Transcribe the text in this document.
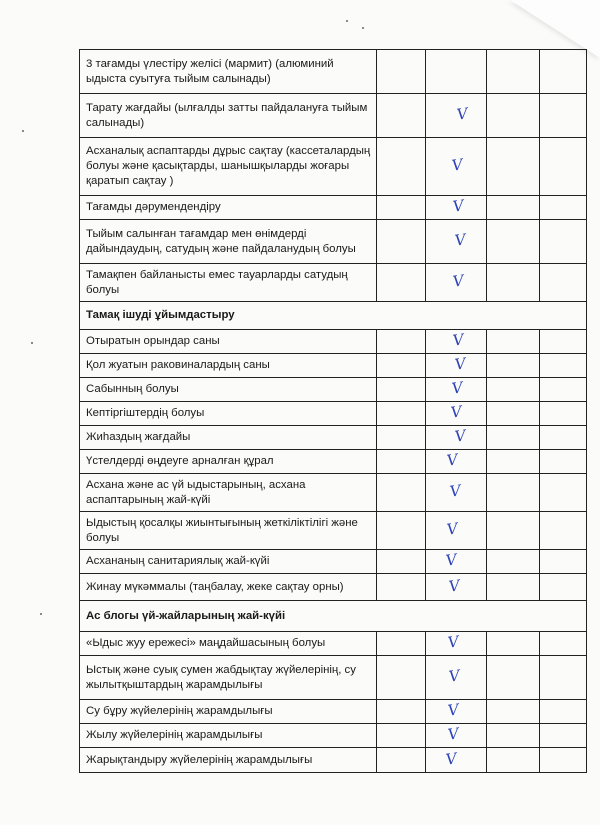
3 тағамды үлестіру желісі (мармит) (алюминий ыдыста суытуға тыйым салынады)				
Тарату жағдайы (ылғалды затты пайдалануға тыйым салынады)		V		
Асханалық аспаптарды дұрыс сақтау (кассеталардың болуы және қасықтарды, шанышқыларды жоғары қаратып сақтау )		V		
Тағамды дәрумендендіру		V		
Тыйым салынған тағамдар мен өнімдерді дайындаудың, сатудың және пайдаланудың болуы		V		
Тамақпен байланысты емес тауарларды сатудың болуы		V		
Тамақ ішуді ұйымдастыру				
Отыратын орындар саны		V		
Қол жуатын раковиналардың саны		V		
Сабынның болуы		V		
Кептіргіштердің болуы		V		
Жиһаздың жағдайы		V		
Үстелдерді өңдеуге арналған құрал		V		
Асхана және ас үй ыдыстарының, асхана аспаптарының жай-күйі		V		
Ыдыстың қосалқы жиынтығының жеткіліктілігі және болуы		V		
Асхананың санитариялық жай-күйі		V		
Жинау мүкәммалы (таңбалау, жеке сақтау орны)		V		
Ас блогы үй-жайларының жай-күйі				
«Ыдыс жуу ережесі» маңдайшасының болуы		V		
Ыстық және суық сумен жабдықтау жүйелерінің, су жылытқыштардың жарамдылығы		V		
Су бұру жүйелерінің жарамдылығы		V		
Жылу жүйелерінің жарамдылығы		V		
Жарықтандыру жүйелерінің жарамдылығы		V		
